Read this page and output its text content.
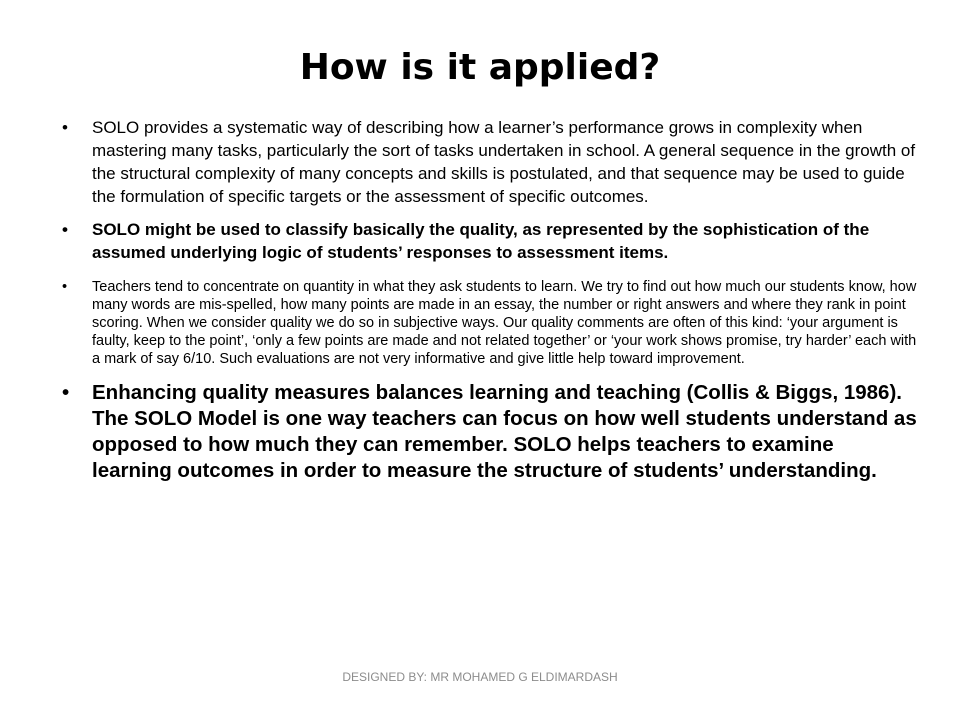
How is it applied?
• SOLO provides a systematic way of describing how a learner’s performance grows in complexity when mastering many tasks, particularly the sort of tasks undertaken in school. A general sequence in the growth of the structural complexity of many concepts and skills is postulated, and that sequence may be used to guide the formulation of specific targets or the assessment of specific outcomes.
• SOLO might be used to classify basically the quality, as represented by the sophistication of the assumed underlying logic of students’ responses to assessment items.
• Teachers tend to concentrate on quantity in what they ask students to learn. We try to find out how much our students know, how many words are mis-spelled, how many points are made in an essay, the number or right answers and where they rank in point scoring. When we consider quality we do so in subjective ways. Our quality comments are often of this kind: ‘your argument is faulty, keep to the point’, ‘only a few points are made and not related together’ or ‘your work shows promise, try harder’ each with a mark of say 6/10. Such evaluations are not very informative and give little help toward improvement.
• Enhancing quality measures balances learning and teaching (Collis & Biggs, 1986). The SOLO Model is one way teachers can focus on how well students understand as opposed to how much they can remember. SOLO helps teachers to examine learning outcomes in order to measure the structure of students’ understanding.
DESIGNED BY: MR MOHAMED G ELDIMARDASH
